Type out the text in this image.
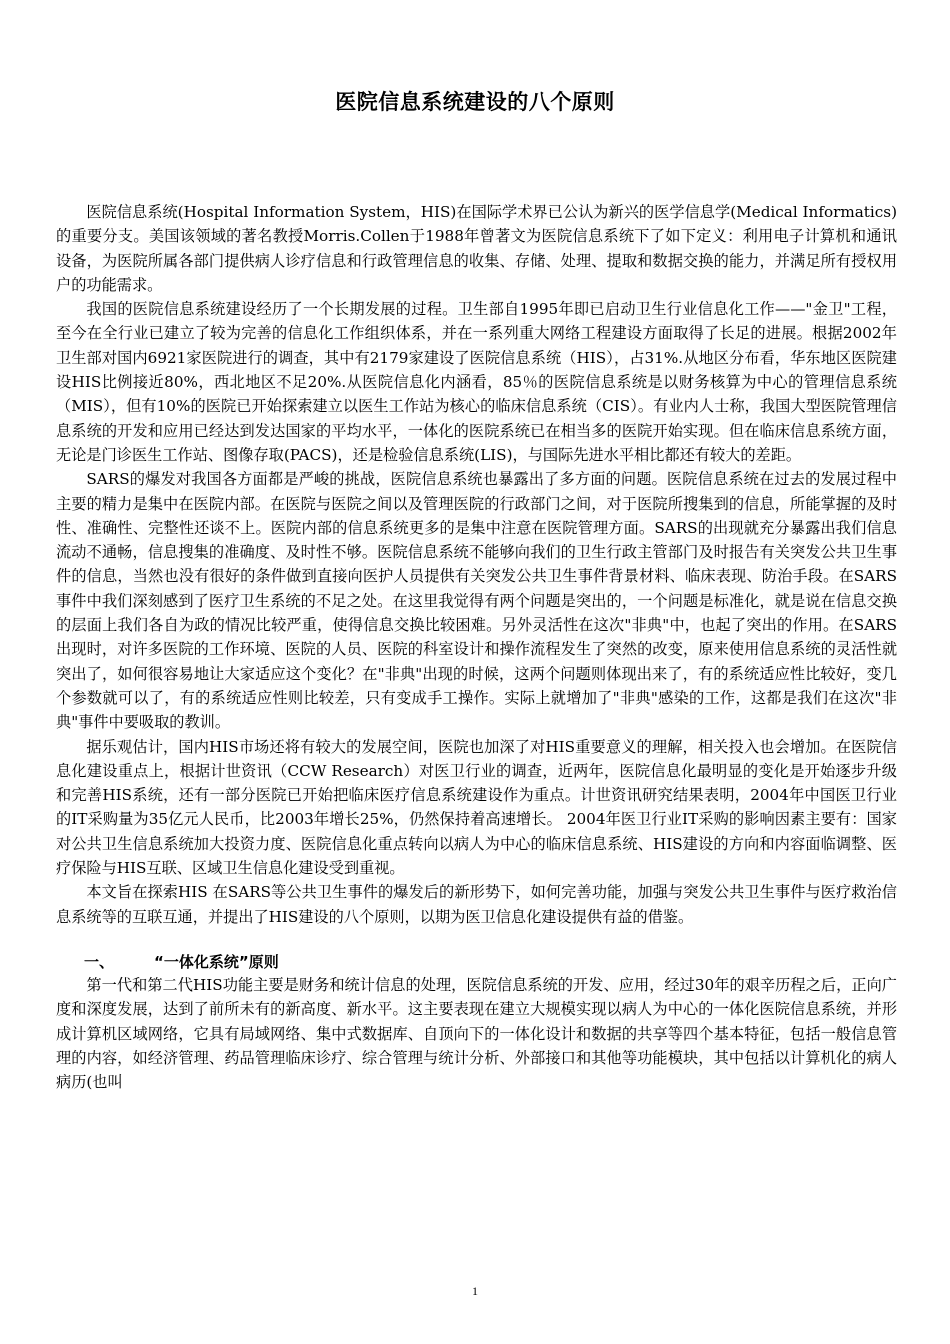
医院信息系统建设的八个原则

医院信息系统(Hospital Information System，HIS)在国际学术界已公认为新兴的医学信息学(Medical Informatics)的重要分支。美国该领域的著名教授Morris.Collen于1988年曾著文为医院信息系统下了如下定义：利用电子计算机和通讯设备，为医院所属各部门提供病人诊疗信息和行政管理信息的收集、存储、处理、提取和数据交换的能力，并满足所有授权用户的功能需求。

我国的医院信息系统建设经历了一个长期发展的过程。卫生部自1995年即已启动卫生行业信息化工作——"金卫"工程，至今在全行业已建立了较为完善的信息化工作组织体系，并在一系列重大网络工程建设方面取得了长足的进展。根据2002年卫生部对国内6921家医院进行的调查，其中有2179家建设了医院信息系统（HIS），占31%.从地区分布看，华东地区医院建设HIS比例接近80%，西北地区不足20%.从医院信息化内涵看，85％的医院信息系统是以财务核算为中心的管理信息系统（MIS），但有10%的医院已开始探索建立以医生工作站为核心的临床信息系统（CIS）。有业内人士称，我国大型医院管理信息系统的开发和应用已经达到发达国家的平均水平，一体化的医院系统已在相当多的医院开始实现。但在临床信息系统方面，无论是门诊医生工作站、图像存取(PACS)，还是检验信息系统(LIS)，与国际先进水平相比都还有较大的差距。

SARS的爆发对我国各方面都是严峻的挑战，医院信息系统也暴露出了多方面的问题。医院信息系统在过去的发展过程中主要的精力是集中在医院内部。在医院与医院之间以及管理医院的行政部门之间，对于医院所搜集到的信息，所能掌握的及时性、准确性、完整性还谈不上。医院内部的信息系统更多的是集中注意在医院管理方面。SARS的出现就充分暴露出我们信息流动不通畅，信息搜集的准确度、及时性不够。医院信息系统不能够向我们的卫生行政主管部门及时报告有关突发公共卫生事件的信息，当然也没有很好的条件做到直接向医护人员提供有关突发公共卫生事件背景材料、临床表现、防治手段。在SARS事件中我们深刻感到了医疗卫生系统的不足之处。在这里我觉得有两个问题是突出的，一个问题是标准化，就是说在信息交换的层面上我们各自为政的情况比较严重，使得信息交换比较困难。另外灵活性在这次"非典"中，也起了突出的作用。在SARS出现时，对许多医院的工作环境、医院的人员、医院的科室设计和操作流程发生了突然的改变，原来使用信息系统的灵活性就突出了，如何很容易地让大家适应这个变化？在"非典"出现的时候，这两个问题则体现出来了，有的系统适应性比较好，变几个参数就可以了，有的系统适应性则比较差，只有变成手工操作。实际上就增加了"非典"感染的工作，这都是我们在这次"非典"事件中要吸取的教训。

据乐观估计，国内HIS市场还将有较大的发展空间，医院也加深了对HIS重要意义的理解，相关投入也会增加。在医院信息化建设重点上，根据计世资讯（CCW Research）对医卫行业的调查，近两年，医院信息化最明显的变化是开始逐步升级和完善HIS系统，还有一部分医院已开始把临床医疗信息系统建设作为重点。计世资讯研究结果表明，2004年中国医卫行业的IT采购量为35亿元人民币，比2003年增长25%，仍然保持着高速增长。 2004年医卫行业IT采购的影响因素主要有：国家对公共卫生信息系统加大投资力度、医院信息化重点转向以病人为中心的临床信息系统、HIS建设的方向和内容面临调整、医疗保险与HIS互联、区域卫生信息化建设受到重视。

本文旨在探索HIS 在SARS等公共卫生事件的爆发后的新形势下，如何完善功能，加强与突发公共卫生事件与医疗救治信息系统等的互联互通，并提出了HIS建设的八个原则，以期为医卫信息化建设提供有益的借鉴。

一、	“一体化系统”原则

第一代和第二代HIS功能主要是财务和统计信息的处理，医院信息系统的开发、应用，经过30年的艰辛历程之后，正向广度和深度发展，达到了前所未有的新高度、新水平。这主要表现在建立大规模实现以病人为中心的一体化医院信息系统，并形成计算机区域网络，它具有局域网络、集中式数据库、自顶向下的一体化设计和数据的共享等四个基本特征，包括一般信息管理的内容，如经济管理、药品管理临床诊疗、综合管理与统计分析、外部接口和其他等功能模块，其中包括以计算机化的病人病历(也叫

1
